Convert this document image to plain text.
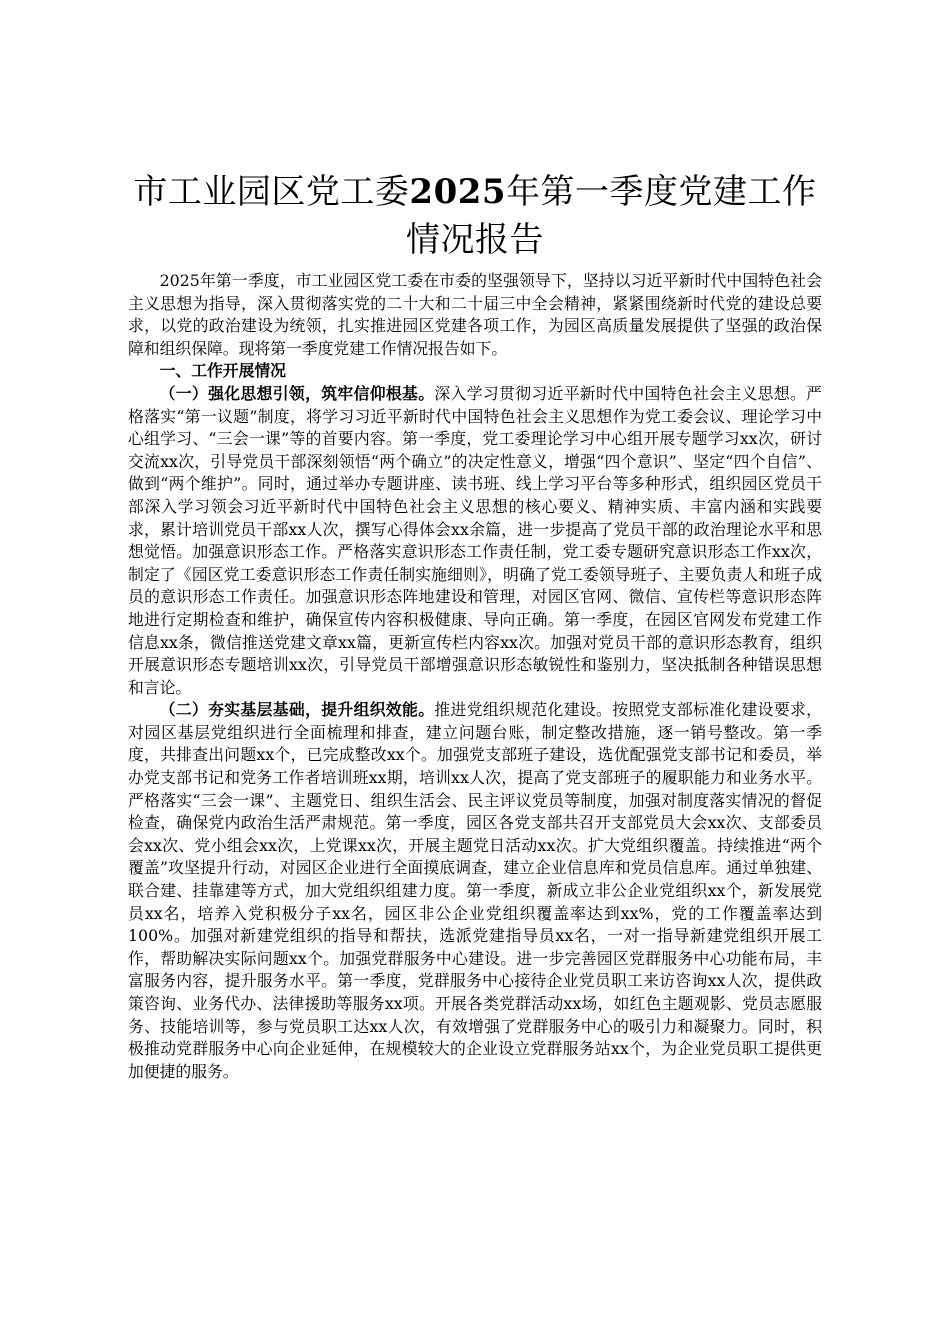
市工业园区党工委2025年第一季度党建工作
情况报告

2025年第一季度，市工业园区党工委在市委的坚强领导下，坚持以习近平新时代中国特色社会主义思想为指导，深入贯彻落实党的二十大和二十届三中全会精神，紧紧围绕新时代党的建设总要求，以党的政治建设为统领，扎实推进园区党建各项工作，为园区高质量发展提供了坚强的政治保障和组织保障。现将第一季度党建工作情况报告如下。

一、工作开展情况

（一）强化思想引领，筑牢信仰根基。深入学习贯彻习近平新时代中国特色社会主义思想。严格落实“第一议题”制度，将学习习近平新时代中国特色社会主义思想作为党工委会议、理论学习中心组学习、“三会一课”等的首要内容。第一季度，党工委理论学习中心组开展专题学习xx次，研讨交流xx次，引导党员干部深刻领悟“两个确立”的决定性意义，增强“四个意识”、坚定“四个自信”、做到“两个维护”。同时，通过举办专题讲座、读书班、线上学习平台等多种形式，组织园区党员干部深入学习领会习近平新时代中国特色社会主义思想的核心要义、精神实质、丰富内涵和实践要求，累计培训党员干部xx人次，撰写心得体会xx余篇，进一步提高了党员干部的政治理论水平和思想觉悟。加强意识形态工作。严格落实意识形态工作责任制，党工委专题研究意识形态工作xx次，制定了《园区党工委意识形态工作责任制实施细则》，明确了党工委领导班子、主要负责人和班子成员的意识形态工作责任。加强意识形态阵地建设和管理，对园区官网、微信、宣传栏等意识形态阵地进行定期检查和维护，确保宣传内容积极健康、导向正确。第一季度，在园区官网发布党建工作信息xx条，微信推送党建文章xx篇，更新宣传栏内容xx次。加强对党员干部的意识形态教育，组织开展意识形态专题培训xx次，引导党员干部增强意识形态敏锐性和鉴别力，坚决抵制各种错误思想和言论。

（二）夯实基层基础，提升组织效能。推进党组织规范化建设。按照党支部标准化建设要求，对园区基层党组织进行全面梳理和排查，建立问题台账，制定整改措施，逐一销号整改。第一季度，共排查出问题xx个，已完成整改xx个。加强党支部班子建设，选优配强党支部书记和委员，举办党支部书记和党务工作者培训班xx期，培训xx人次，提高了党支部班子的履职能力和业务水平。严格落实“三会一课”、主题党日、组织生活会、民主评议党员等制度，加强对制度落实情况的督促检查，确保党内政治生活严肃规范。第一季度，园区各党支部共召开支部党员大会xx次、支部委员会xx次、党小组会xx次，上党课xx次，开展主题党日活动xx次。扩大党组织覆盖。持续推进“两个覆盖”攻坚提升行动，对园区企业进行全面摸底调查，建立企业信息库和党员信息库。通过单独建、联合建、挂靠建等方式，加大党组织组建力度。第一季度，新成立非公企业党组织xx个，新发展党员xx名，培养入党积极分子xx名，园区非公企业党组织覆盖率达到xx%，党的工作覆盖率达到100%。加强对新建党组织的指导和帮扶，选派党建指导员xx名，一对一指导新建党组织开展工作，帮助解决实际问题xx个。加强党群服务中心建设。进一步完善园区党群服务中心功能布局，丰富服务内容，提升服务水平。第一季度，党群服务中心接待企业党员职工来访咨询xx人次，提供政策咨询、业务代办、法律援助等服务xx项。开展各类党群活动xx场，如红色主题观影、党员志愿服务、技能培训等，参与党员职工达xx人次，有效增强了党群服务中心的吸引力和凝聚力。同时，积极推动党群服务中心向企业延伸，在规模较大的企业设立党群服务站xx个，为企业党员职工提供更加便捷的服务。
